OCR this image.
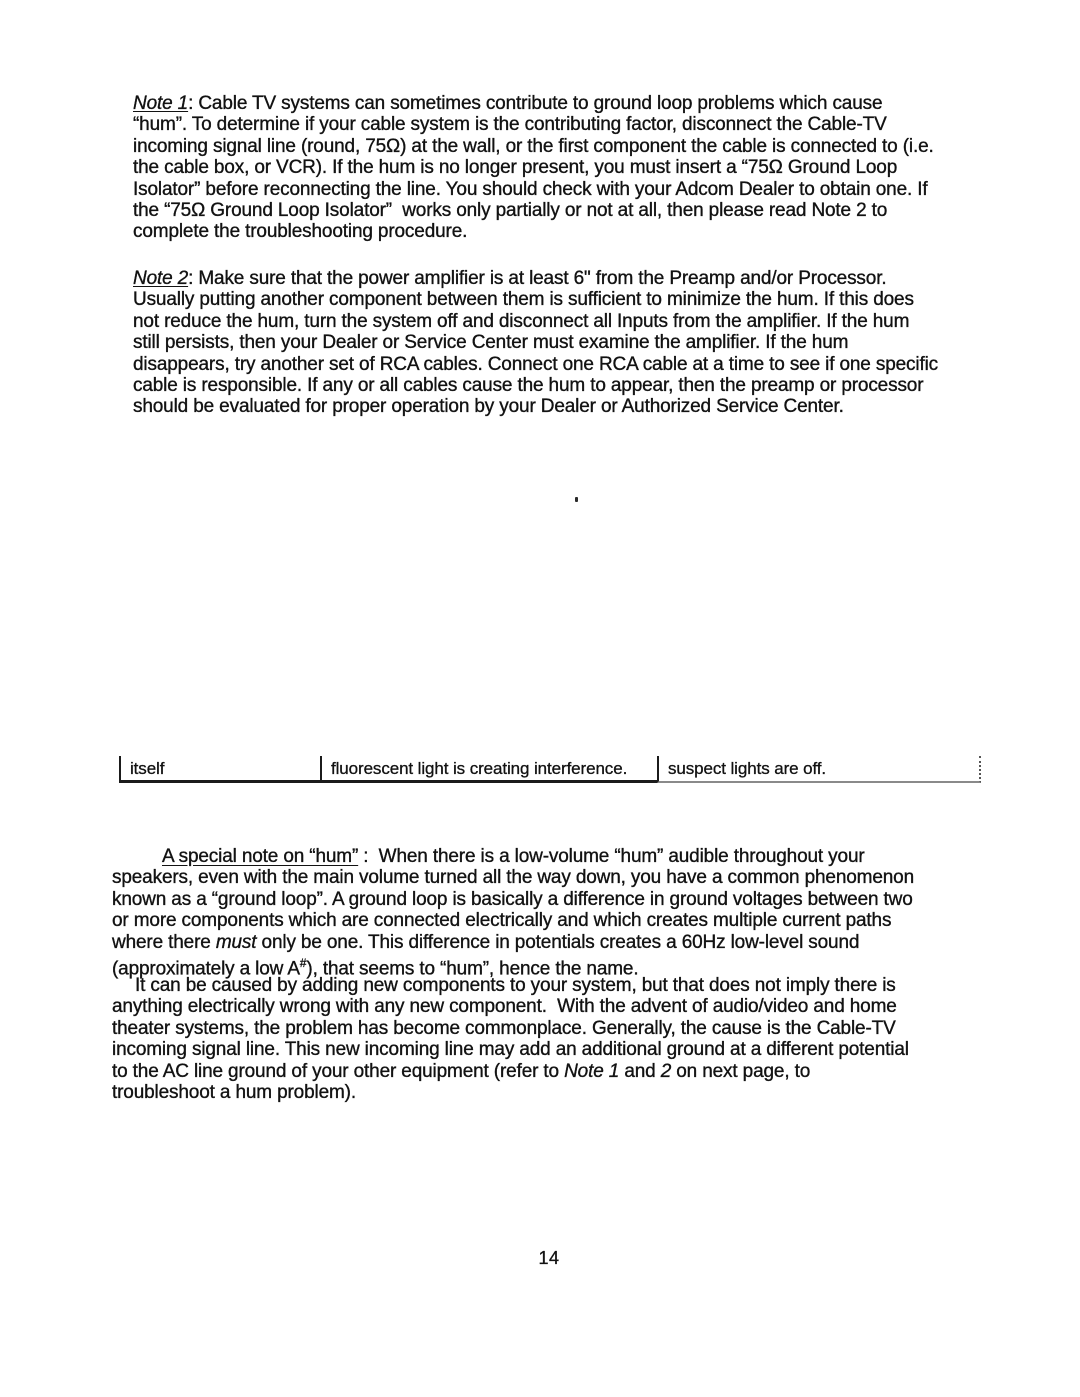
Note 1: Cable TV systems can sometimes contribute to ground loop problems which cause
“hum”. To determine if your cable system is the contributing factor, disconnect the Cable-TV
incoming signal line (round, 75Ω) at the wall, or the first component the cable is connected to (i.e.
the cable box, or VCR). If the hum is no longer present, you must insert a “75Ω Ground Loop
Isolator” before reconnecting the line. You should check with your Adcom Dealer to obtain one. If
the “75Ω Ground Loop Isolator”  works only partially or not at all, then please read Note 2 to
complete the troubleshooting procedure.
Note 2: Make sure that the power amplifier is at least 6" from the Preamp and/or Processor.
Usually putting another component between them is sufficient to minimize the hum. If this does
not reduce the hum, turn the system off and disconnect all Inputs from the amplifier. If the hum
still persists, then your Dealer or Service Center must examine the amplifier. If the hum
disappears, try another set of RCA cables. Connect one RCA cable at a time to see if one specific
cable is responsible. If any or all cables cause the hum to appear, then the preamp or processor
should be evaluated for proper operation by your Dealer or Authorized Service Center.
itself	fluorescent light is creating interference.	suspect lights are off.
A special note on “hum” :  When there is a low-volume “hum” audible throughout your
speakers, even with the main volume turned all the way down, you have a common phenomenon
known as a “ground loop”. A ground loop is basically a difference in ground voltages between two
or more components which are connected electrically and which creates multiple current paths
where there must only be one. This difference in potentials creates a 60Hz low-level sound
(approximately a low A#), that seems to “hum”, hence the name.
It can be caused by adding new components to your system, but that does not imply there is
anything electrically wrong with any new component.  With the advent of audio/video and home
theater systems, the problem has become commonplace. Generally, the cause is the Cable-TV
incoming signal line. This new incoming line may add an additional ground at a different potential
to the AC line ground of your other equipment (refer to Note 1 and 2 on next page, to
troubleshoot a hum problem).
14
